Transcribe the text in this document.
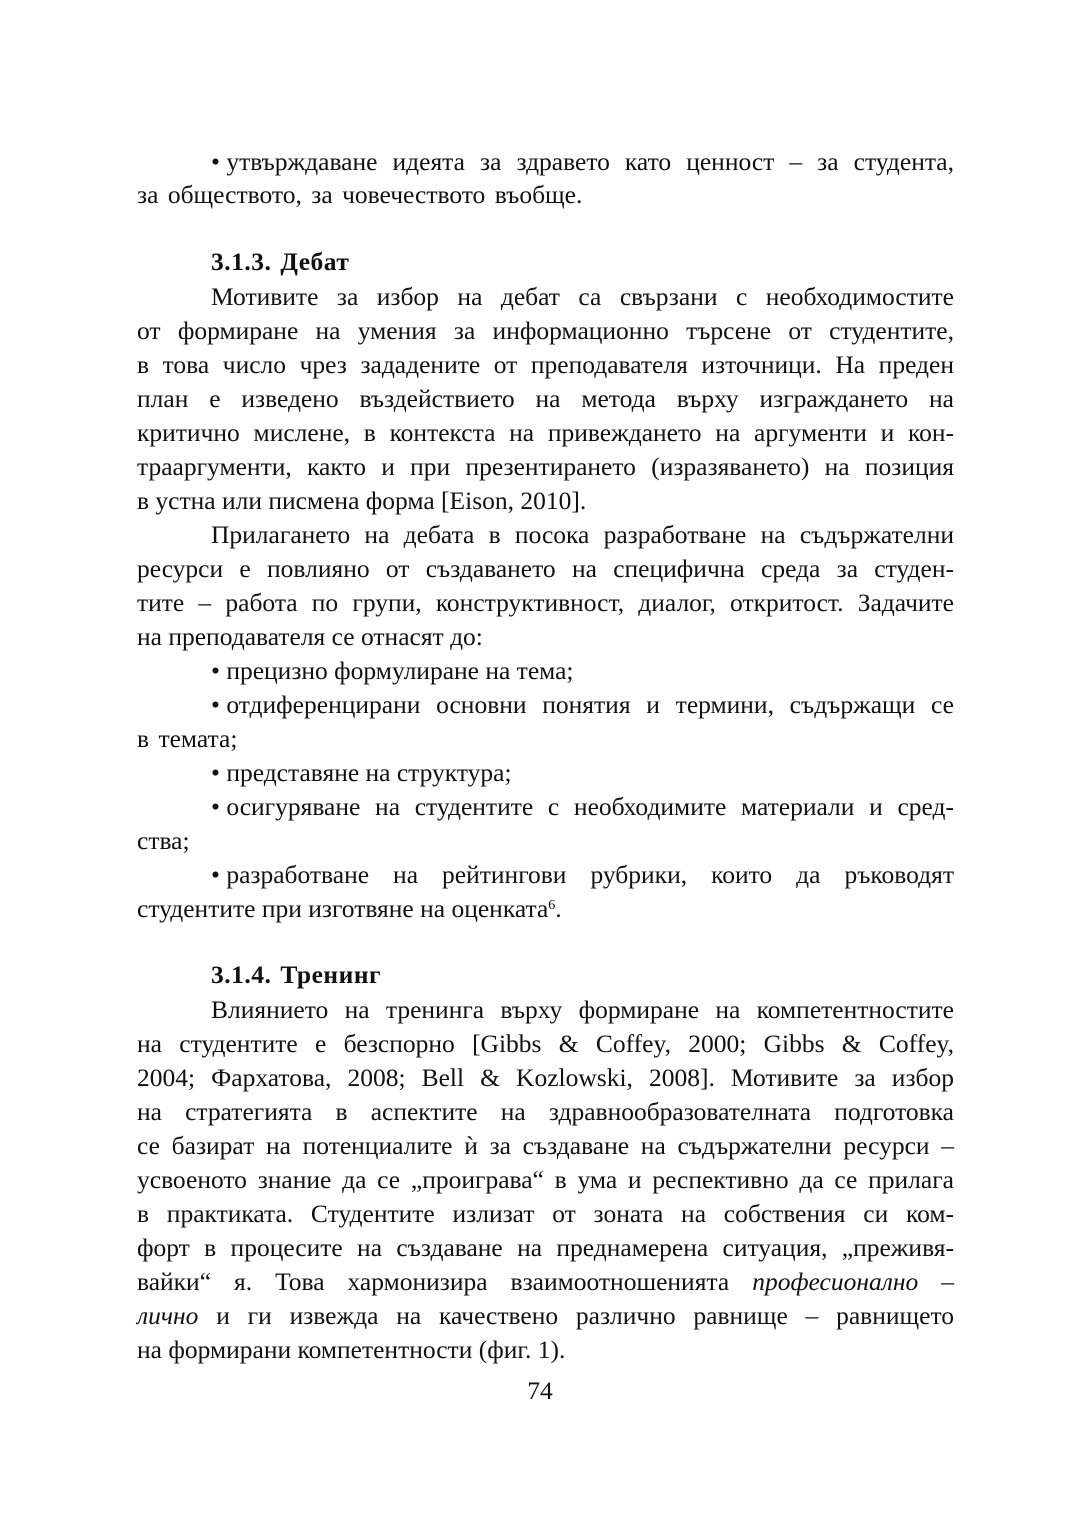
• утвърждаване идеята за здравето като ценност – за студента,
за обществото, за човечеството въобще.
3.1.3. Дебат
Мотивите за избор на дебат са свързани с необходимостите
от формиране на умения за информационно търсене от студентите,
в това число чрез зададените от преподавателя източници. На преден
план е изведено въздействието на метода върху изграждането на
критично мислене, в контекста на привеждането на аргументи и кон-
трааргументи, както и при презентирането (изразяването) на позиция
в устна или писмена форма [Eison, 2010].
Прилагането на дебата в посока разработване на съдържателни
ресурси е повлияно от създаването на специфична среда за студен-
тите – работа по групи, конструктивност, диалог, откритост. Задачите
на преподавателя се отнасят до:
• прецизно формулиране на тема;
• отдиференцирани основни понятия и термини, съдържащи се
в темата;
• представяне на структура;
• осигуряване на студентите с необходимите материали и сред-
ства;
• разработване на рейтингови рубрики, които да ръководят
студентите при изготвяне на оценката$^6$.
3.1.4. Тренинг
Влиянието на тренинга върху формиране на компетентностите
на студентите е безспорно [Gibbs & Coffey, 2000; Gibbs & Coffey,
2004; Фархатова, 2008; Bell & Kozlowski, 2008]. Мотивите за избор
на стратегията в аспектите на здравнообразователната подготовка
се базират на потенциалите ѝ за създаване на съдържателни ресурси –
усвоеното знание да се „проиграва“ в ума и респективно да се прилага
в практиката. Студентите излизат от зоната на собствения си ком-
форт в процесите на създаване на преднамерена ситуация, „преживя-
вайки“ я. Това хармонизира взаимоотношенията професионално –
лично и ги извежда на качествено различно равнище – равнището
на формирани компетентности (фиг. 1).
74
